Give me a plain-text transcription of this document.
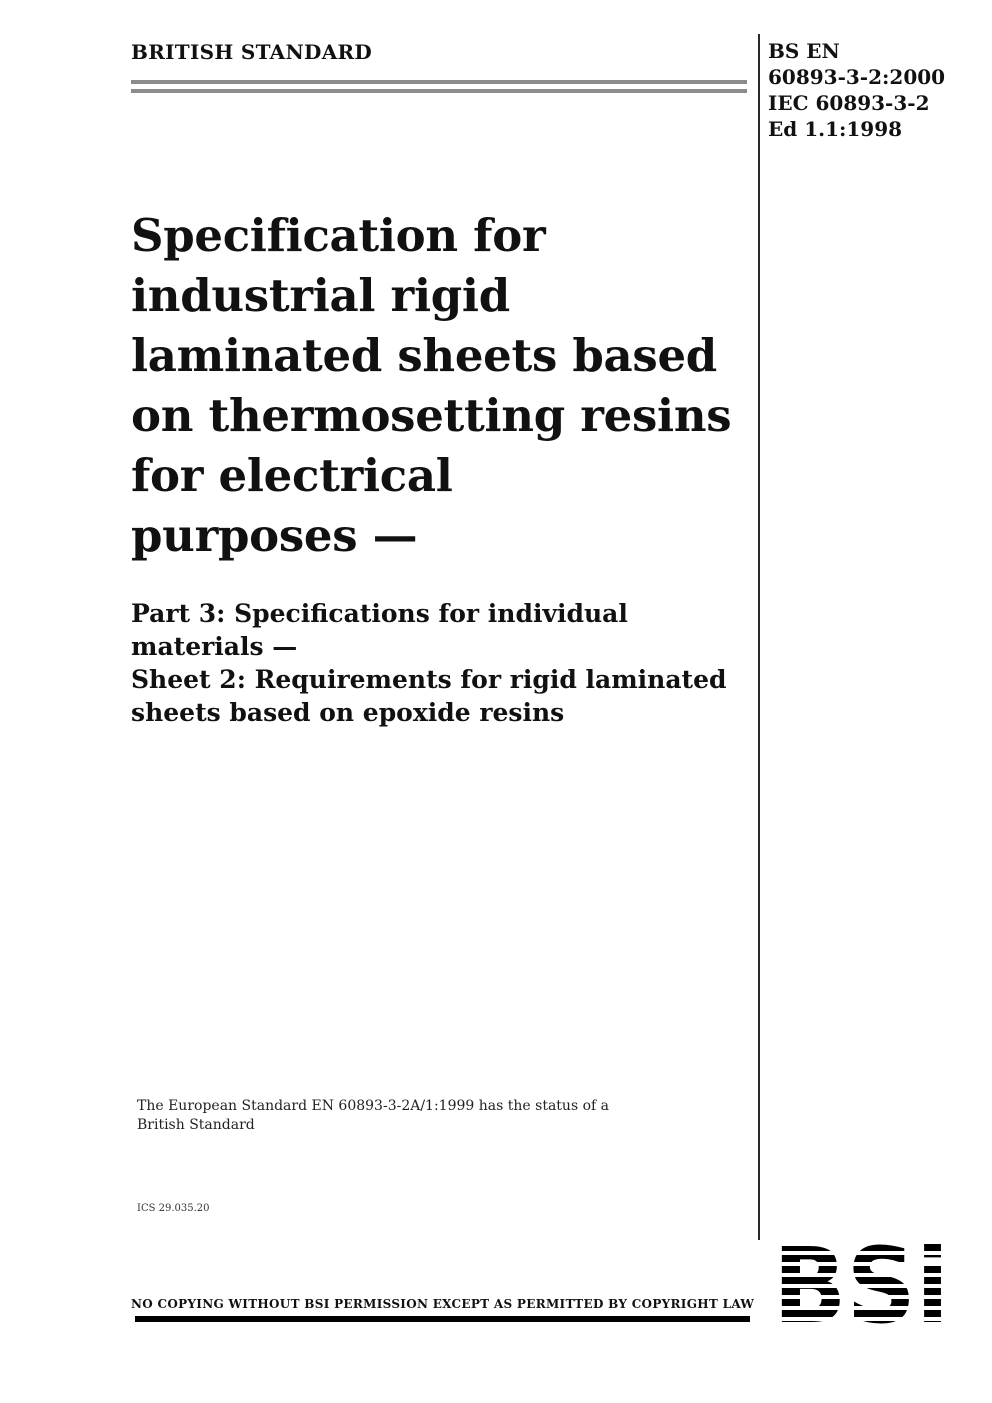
BRITISH STANDARD	BS EN
60893-3-2:2000
IEC 60893-3-2
Ed 1.1:1998
Specification for
industrial rigid
laminated sheets based
on thermosetting resins
for electrical
purposes —
Part 3: Specifications for individual
materials —
Sheet 2: Requirements for rigid laminated
sheets based on epoxide resins
The European Standard EN 60893-3-2A/1:1999 has the status of a
British Standard
ICS 29.035.20
NO COPYING WITHOUT BSI PERMISSION EXCEPT AS PERMITTED BY COPYRIGHT LAW
